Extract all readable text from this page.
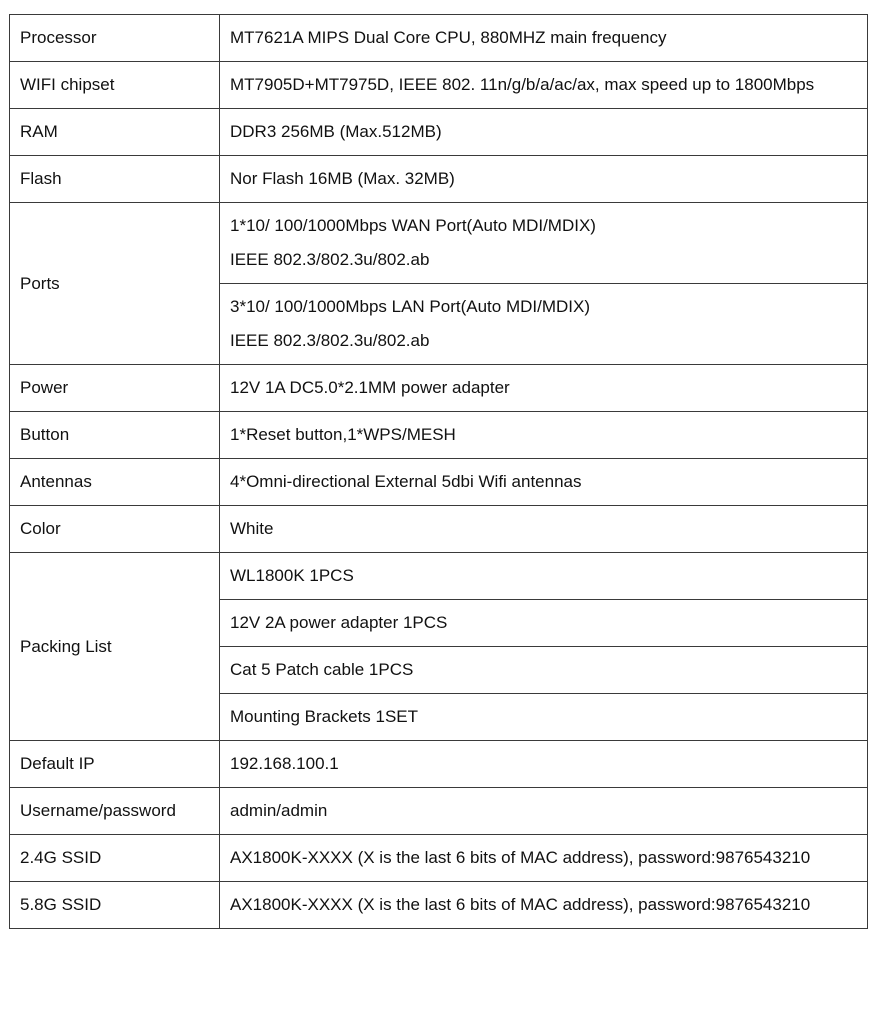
Processor	MT7621A MIPS Dual Core CPU, 880MHZ main frequency
WIFI chipset	MT7905D+MT7975D, IEEE 802. 11n/g/b/a/ac/ax, max speed up to 1800Mbps
RAM	DDR3 256MB (Max.512MB)
Flash	Nor Flash 16MB (Max. 32MB)
Ports	1*10/ 100/1000Mbps WAN Port(Auto MDI/MDIX)
IEEE 802.3/802.3u/802.ab

	3*10/ 100/1000Mbps LAN Port(Auto MDI/MDIX)
IEEE 802.3/802.3u/802.ab

Power	12V 1A DC5.0*2.1MM power adapter
Button	1*Reset button,1*WPS/MESH
Antennas	4*Omni-directional External 5dbi Wifi antennas
Color	White
Packing List	WL1800K 1PCS
	12V 2A power adapter 1PCS
	Cat 5 Patch cable 1PCS
	Mounting Brackets 1SET
Default IP	192.168.100.1
Username/password	admin/admin
2.4G SSID	AX1800K-XXXX (X is the last 6 bits of MAC address), password:9876543210
5.8G SSID	AX1800K-XXXX (X is the last 6 bits of MAC address), password:9876543210
